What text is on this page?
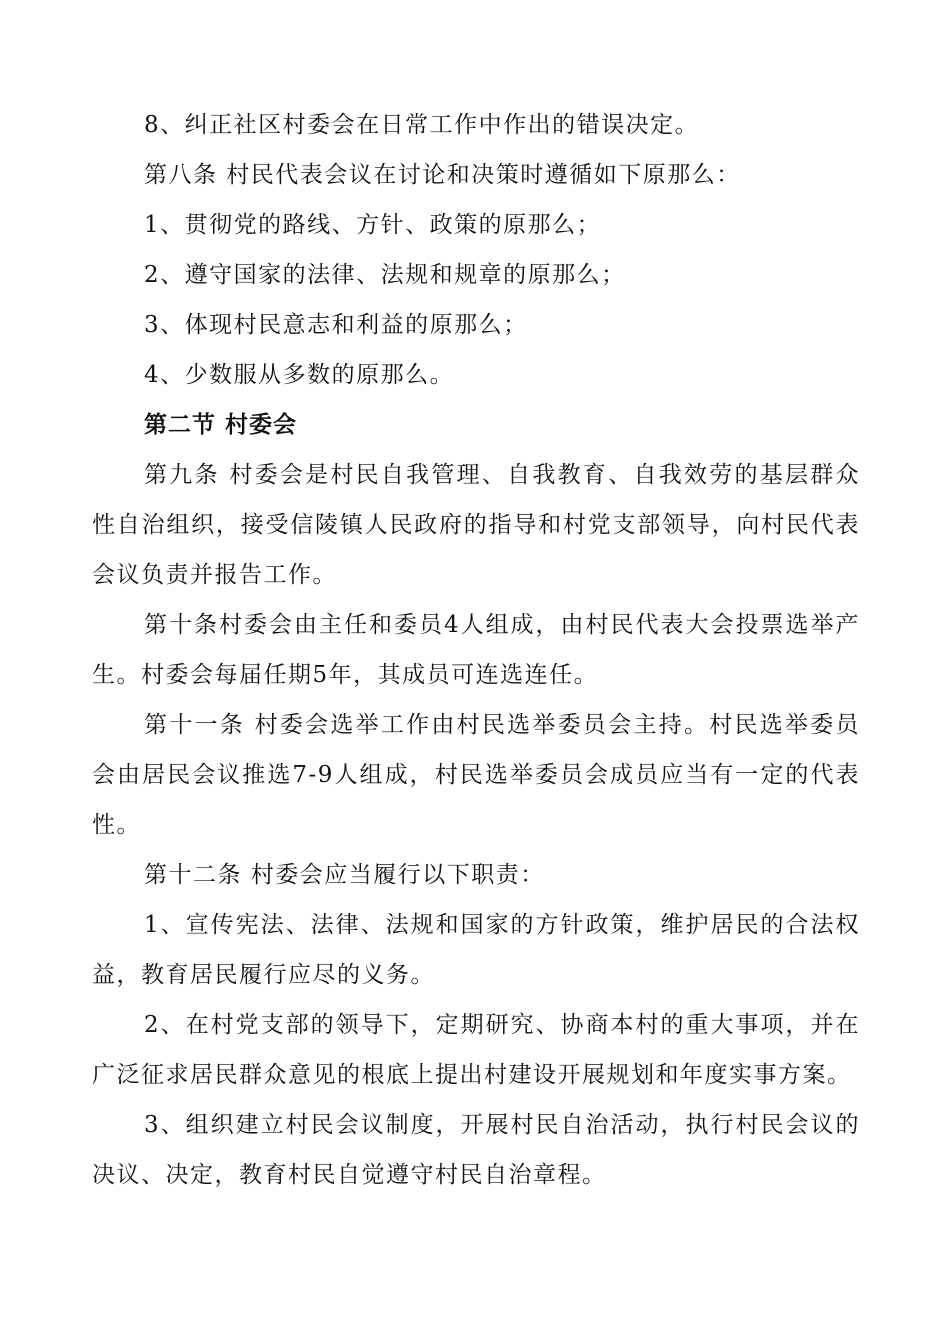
8、纠正社区村委会在日常工作中作出的错误决定。

第八条 村民代表会议在讨论和决策时遵循如下原那么：

1、贯彻党的路线、方针、政策的原那么；

2、遵守国家的法律、法规和规章的原那么；

3、体现村民意志和利益的原那么；

4、少数服从多数的原那么。

第二节 村委会

第九条 村委会是村民自我管理、自我教育、自我效劳的基层群众性自治组织，接受信陵镇人民政府的指导和村党支部领导，向村民代表会议负责并报告工作。

第十条村委会由主任和委员4人组成，由村民代表大会投票选举产生。村委会每届任期5年，其成员可连选连任。

第十一条 村委会选举工作由村民选举委员会主持。村民选举委员会由居民会议推选7-9人组成，村民选举委员会成员应当有一定的代表性。

第十二条 村委会应当履行以下职责：

1、宣传宪法、法律、法规和国家的方针政策，维护居民的合法权益，教育居民履行应尽的义务。

2、在村党支部的领导下，定期研究、协商本村的重大事项，并在广泛征求居民群众意见的根底上提出村建设开展规划和年度实事方案。

3、组织建立村民会议制度，开展村民自治活动，执行村民会议的决议、决定，教育村民自觉遵守村民自治章程。
